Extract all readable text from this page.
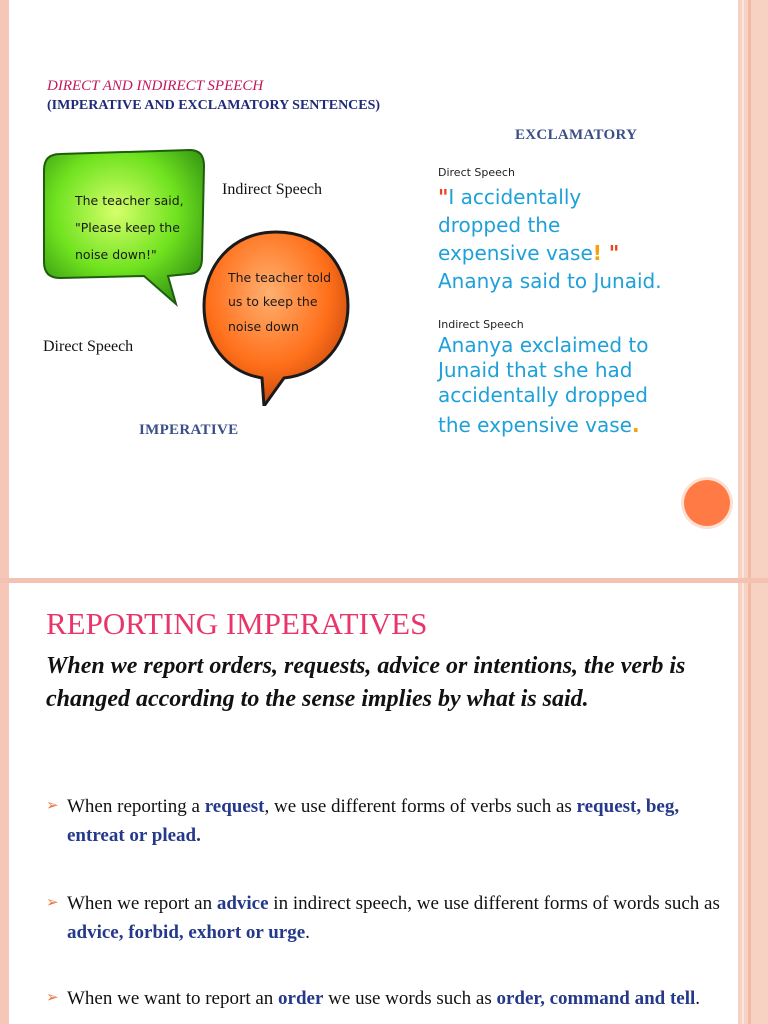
DIRECT AND INDIRECT SPEECH
(IMPERATIVE AND EXCLAMATORY SENTENCES)
EXCLAMATORY
Indirect Speech
Direct Speech
IMPERATIVE
The teacher said, "Please keep the noise down!"
The teacher told us to keep the noise down
Direct Speech
"I accidentally
dropped the
expensive vase! "
Ananya said to Junaid.
Indirect Speech
Ananya exclaimed to
Junaid that she had
accidentally dropped
the expensive vase.
REPORTING IMPERATIVES
When we report orders, requests, advice or intentions, the verb is changed according to the sense implies by what is said.
➢ When reporting a request, we use different forms of verbs such as request, beg, entreat or plead.
➢ When we report an advice in indirect speech, we use different forms of words such as advice, forbid, exhort or urge.
➢ When we want to report an order we use words such as order, command and tell.
